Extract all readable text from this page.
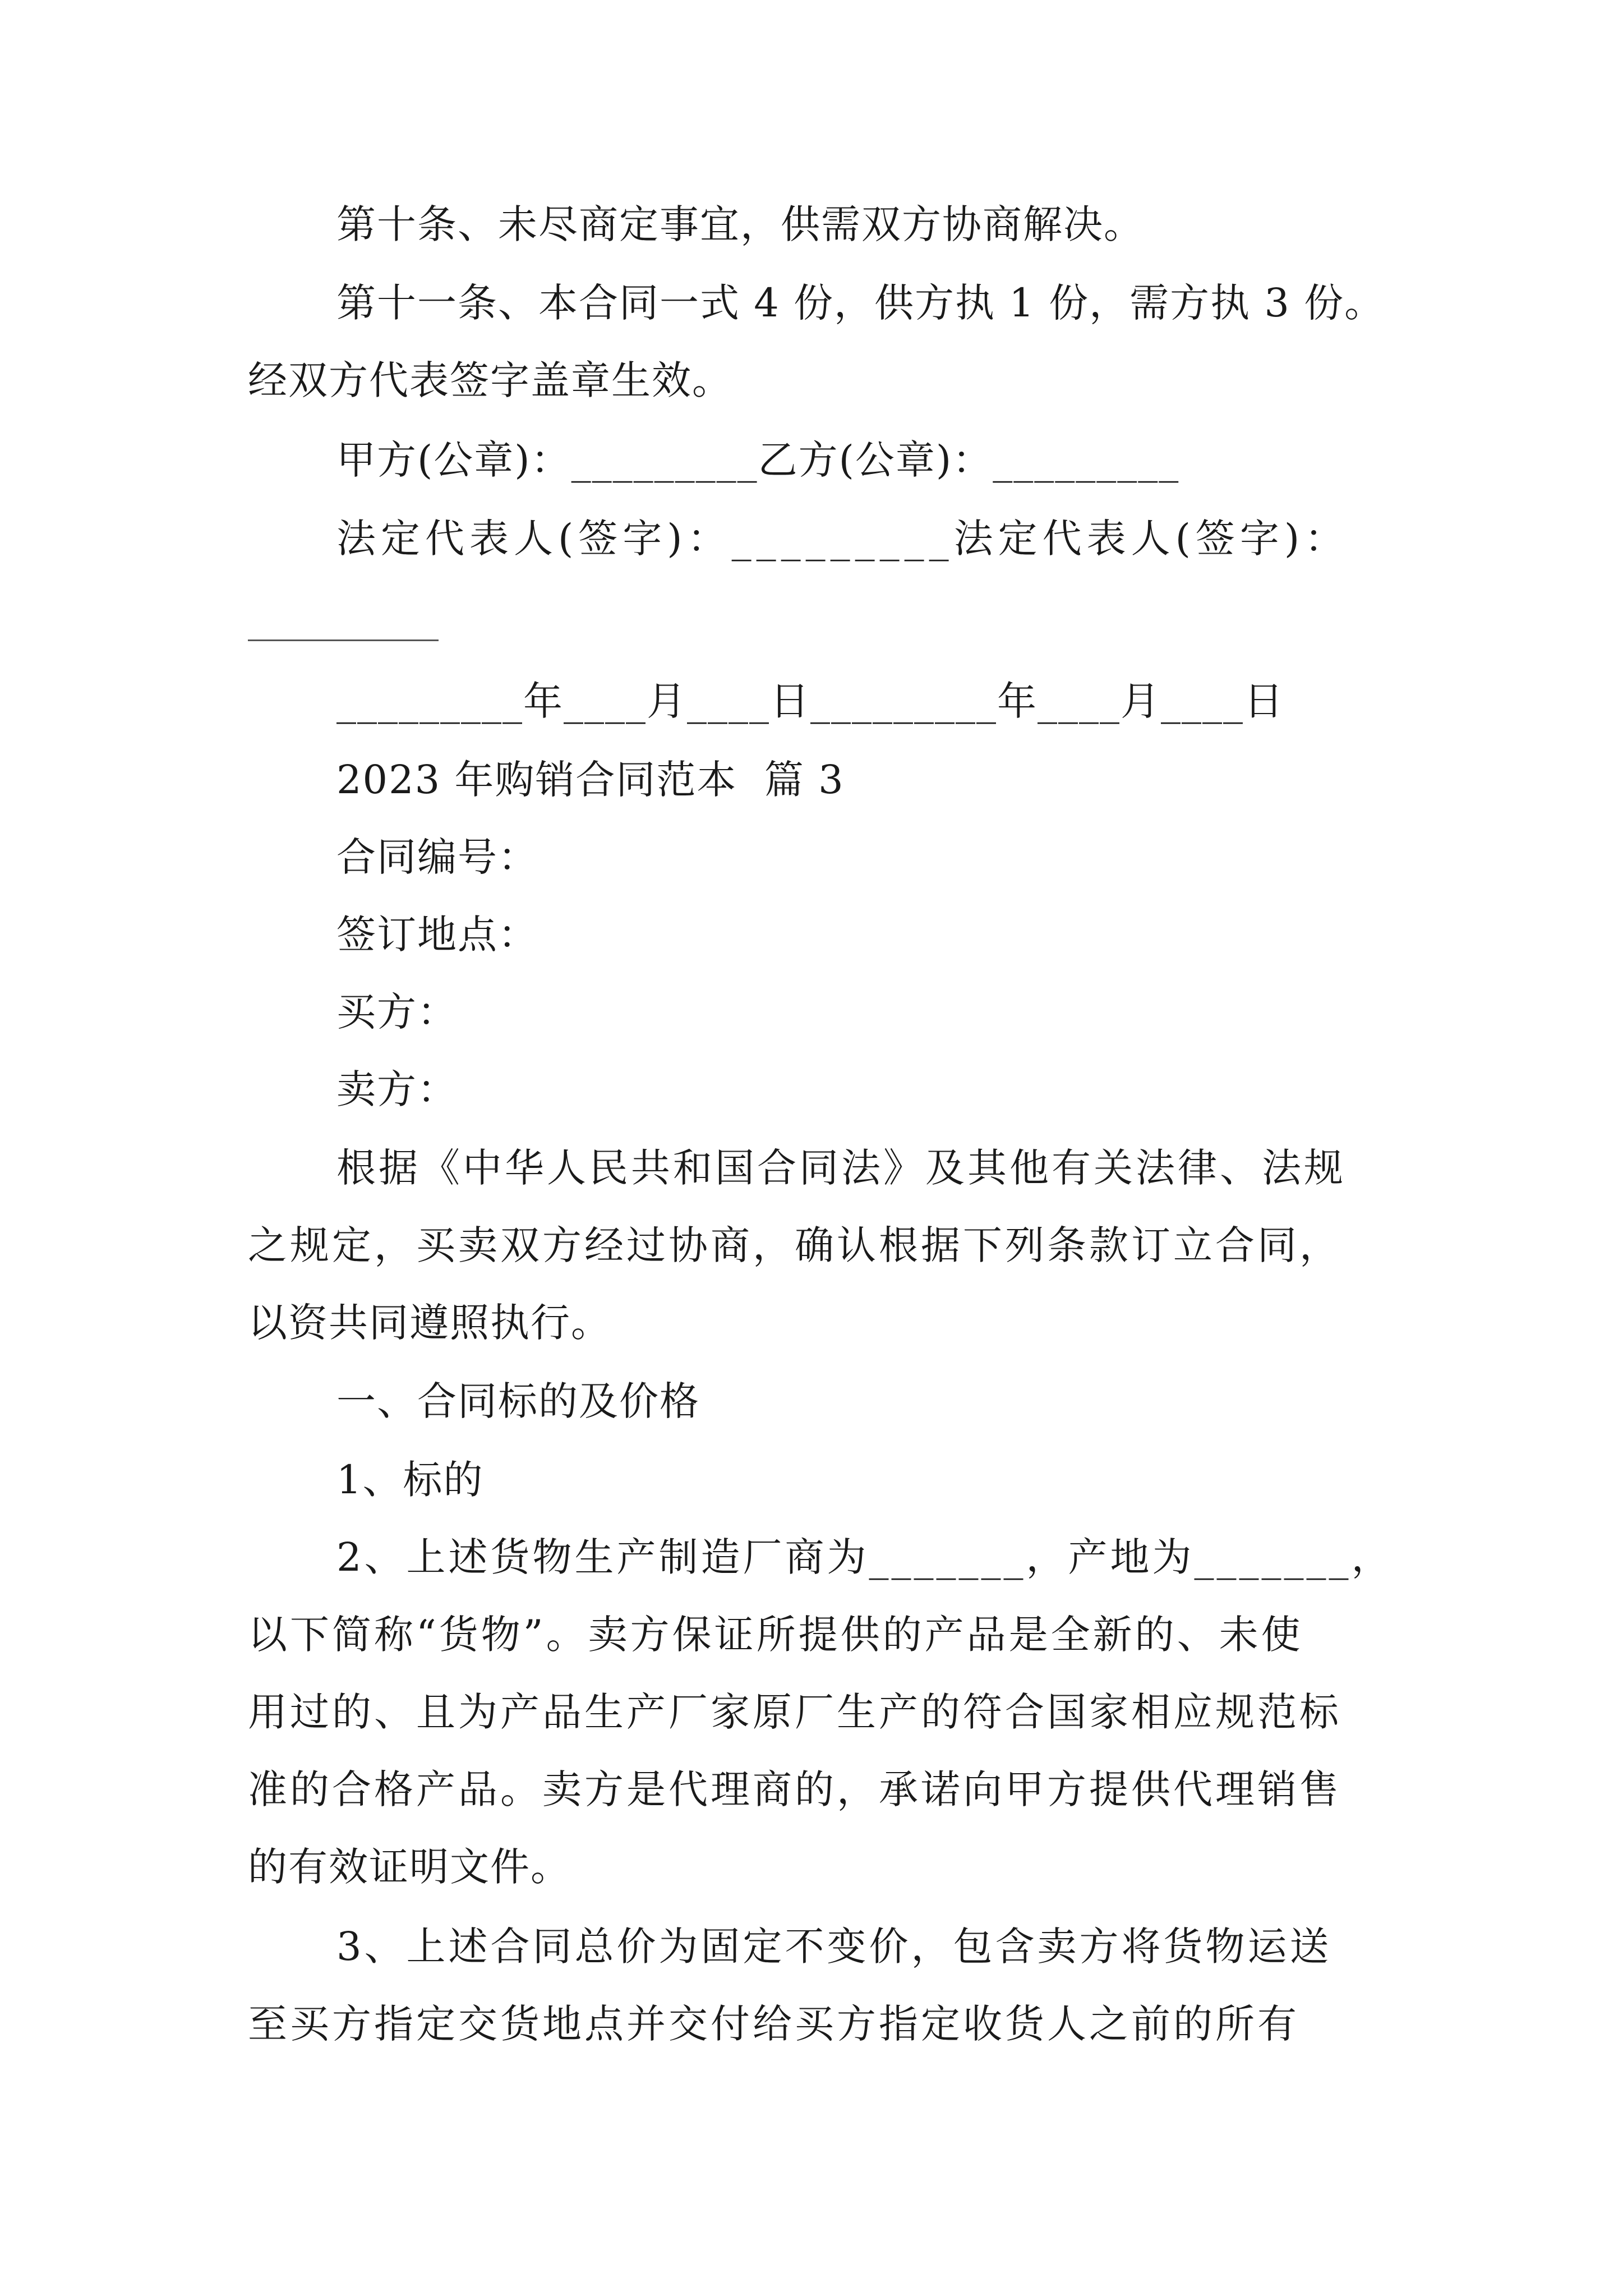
第十条、未尽商定事宜，供需双方协商解决。

第十一条、本合同一式 4 份，供方执 1 份，需方执 3 份。

经双方代表签字盖章生效。

甲方(公章)：_________乙方(公章)：_________

法定代表人(签字)：_________法定代表人(签字)：

_________年____月____日_________年____月____日

2023 年购销合同范本  篇 3

合同编号：

签订地点：

买方：

卖方：

根据《中华人民共和国合同法》及其他有关法律、法规

之规定，买卖双方经过协商，确认根据下列条款订立合同，

以资共同遵照执行。

一、合同标的及价格

1、标的

2、上述货物生产制造厂商为_______，产地为_______，

以下简称“货物”。卖方保证所提供的产品是全新的、未使

用过的、且为产品生产厂家原厂生产的符合国家相应规范标

准的合格产品。卖方是代理商的，承诺向甲方提供代理销售

的有效证明文件。

3、上述合同总价为固定不变价，包含卖方将货物运送

至买方指定交货地点并交付给买方指定收货人之前的所有
